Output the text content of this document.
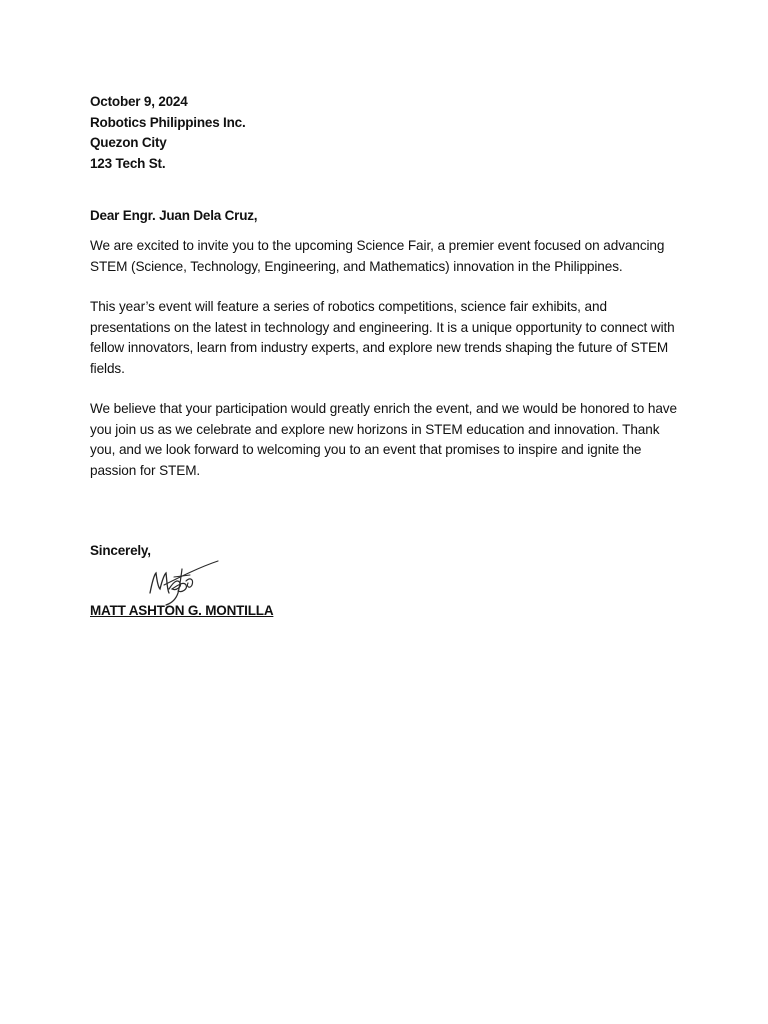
October 9, 2024
Robotics Philippines Inc.
Quezon City
123 Tech St.
Dear Engr. Juan Dela Cruz,

We are excited to invite you to the upcoming Science Fair, a premier event focused on advancing STEM (Science, Technology, Engineering, and Mathematics) innovation in the Philippines.

This year’s event will feature a series of robotics competitions, science fair exhibits, and presentations on the latest in technology and engineering. It is a unique opportunity to connect with fellow innovators, learn from industry experts, and explore new trends shaping the future of STEM fields.

We believe that your participation would greatly enrich the event, and we would be honored to have you join us as we celebrate and explore new horizons in STEM education and innovation. Thank you, and we look forward to welcoming you to an event that promises to inspire and ignite the passion for STEM.

Sincerely,
MATT ASHTON G. MONTILLA
